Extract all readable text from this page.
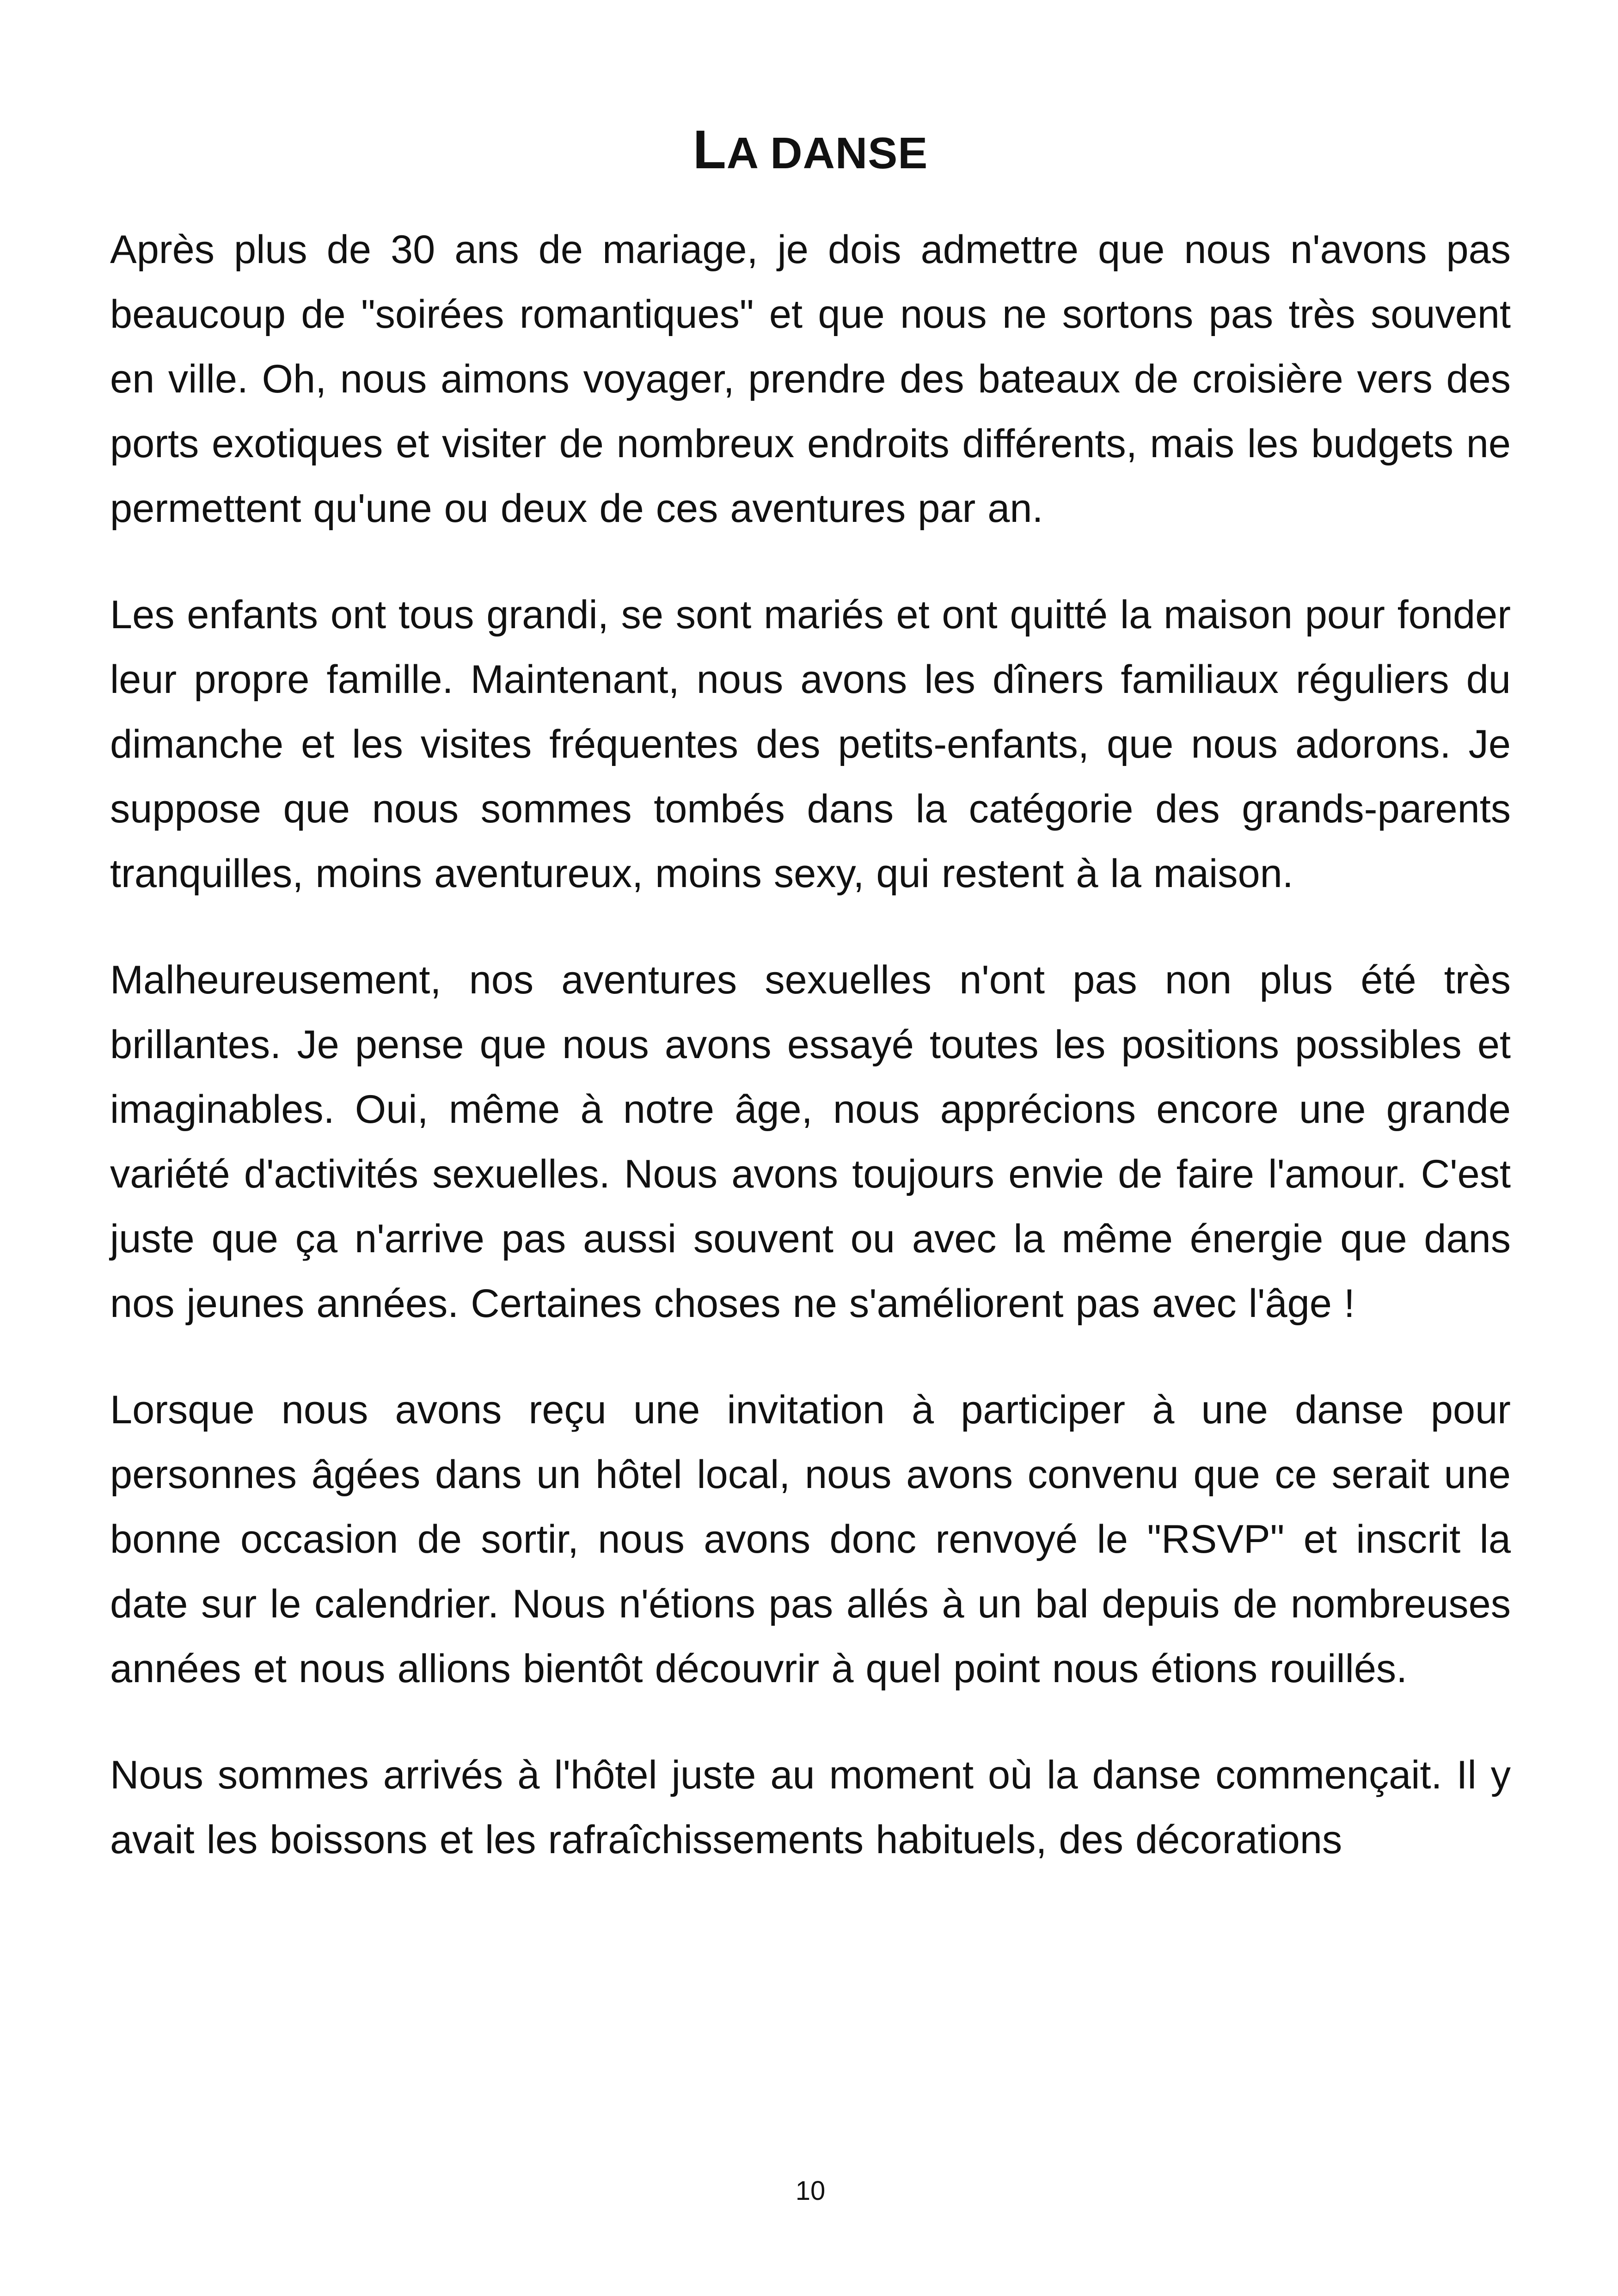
LA DANSE

Après plus de 30 ans de mariage, je dois admettre que nous n'avons pas beaucoup de "soirées romantiques" et que nous ne sortons pas très souvent en ville. Oh, nous aimons voyager, prendre des bateaux de croisière vers des ports exotiques et visiter de nombreux endroits différents, mais les budgets ne permettent qu'une ou deux de ces aventures par an.

Les enfants ont tous grandi, se sont mariés et ont quitté la maison pour fonder leur propre famille. Maintenant, nous avons les dîners familiaux réguliers du dimanche et les visites fréquentes des petits-enfants, que nous adorons. Je suppose que nous sommes tombés dans la catégorie des grands-parents tranquilles, moins aventureux, moins sexy, qui restent à la maison.

Malheureusement, nos aventures sexuelles n'ont pas non plus été très brillantes. Je pense que nous avons essayé toutes les positions possibles et imaginables. Oui, même à notre âge, nous apprécions encore une grande variété d'activités sexuelles. Nous avons toujours envie de faire l'amour. C'est juste que ça n'arrive pas aussi souvent ou avec la même énergie que dans nos jeunes années. Certaines choses ne s'améliorent pas avec l'âge !

Lorsque nous avons reçu une invitation à participer à une danse pour personnes âgées dans un hôtel local, nous avons convenu que ce serait une bonne occasion de sortir, nous avons donc renvoyé le "RSVP" et inscrit la date sur le calendrier. Nous n'étions pas allés à un bal depuis de nombreuses années et nous allions bientôt découvrir à quel point nous étions rouillés.

Nous sommes arrivés à l'hôtel juste au moment où la danse commençait. Il y avait les boissons et les rafraîchissements habituels, des décorations

10
